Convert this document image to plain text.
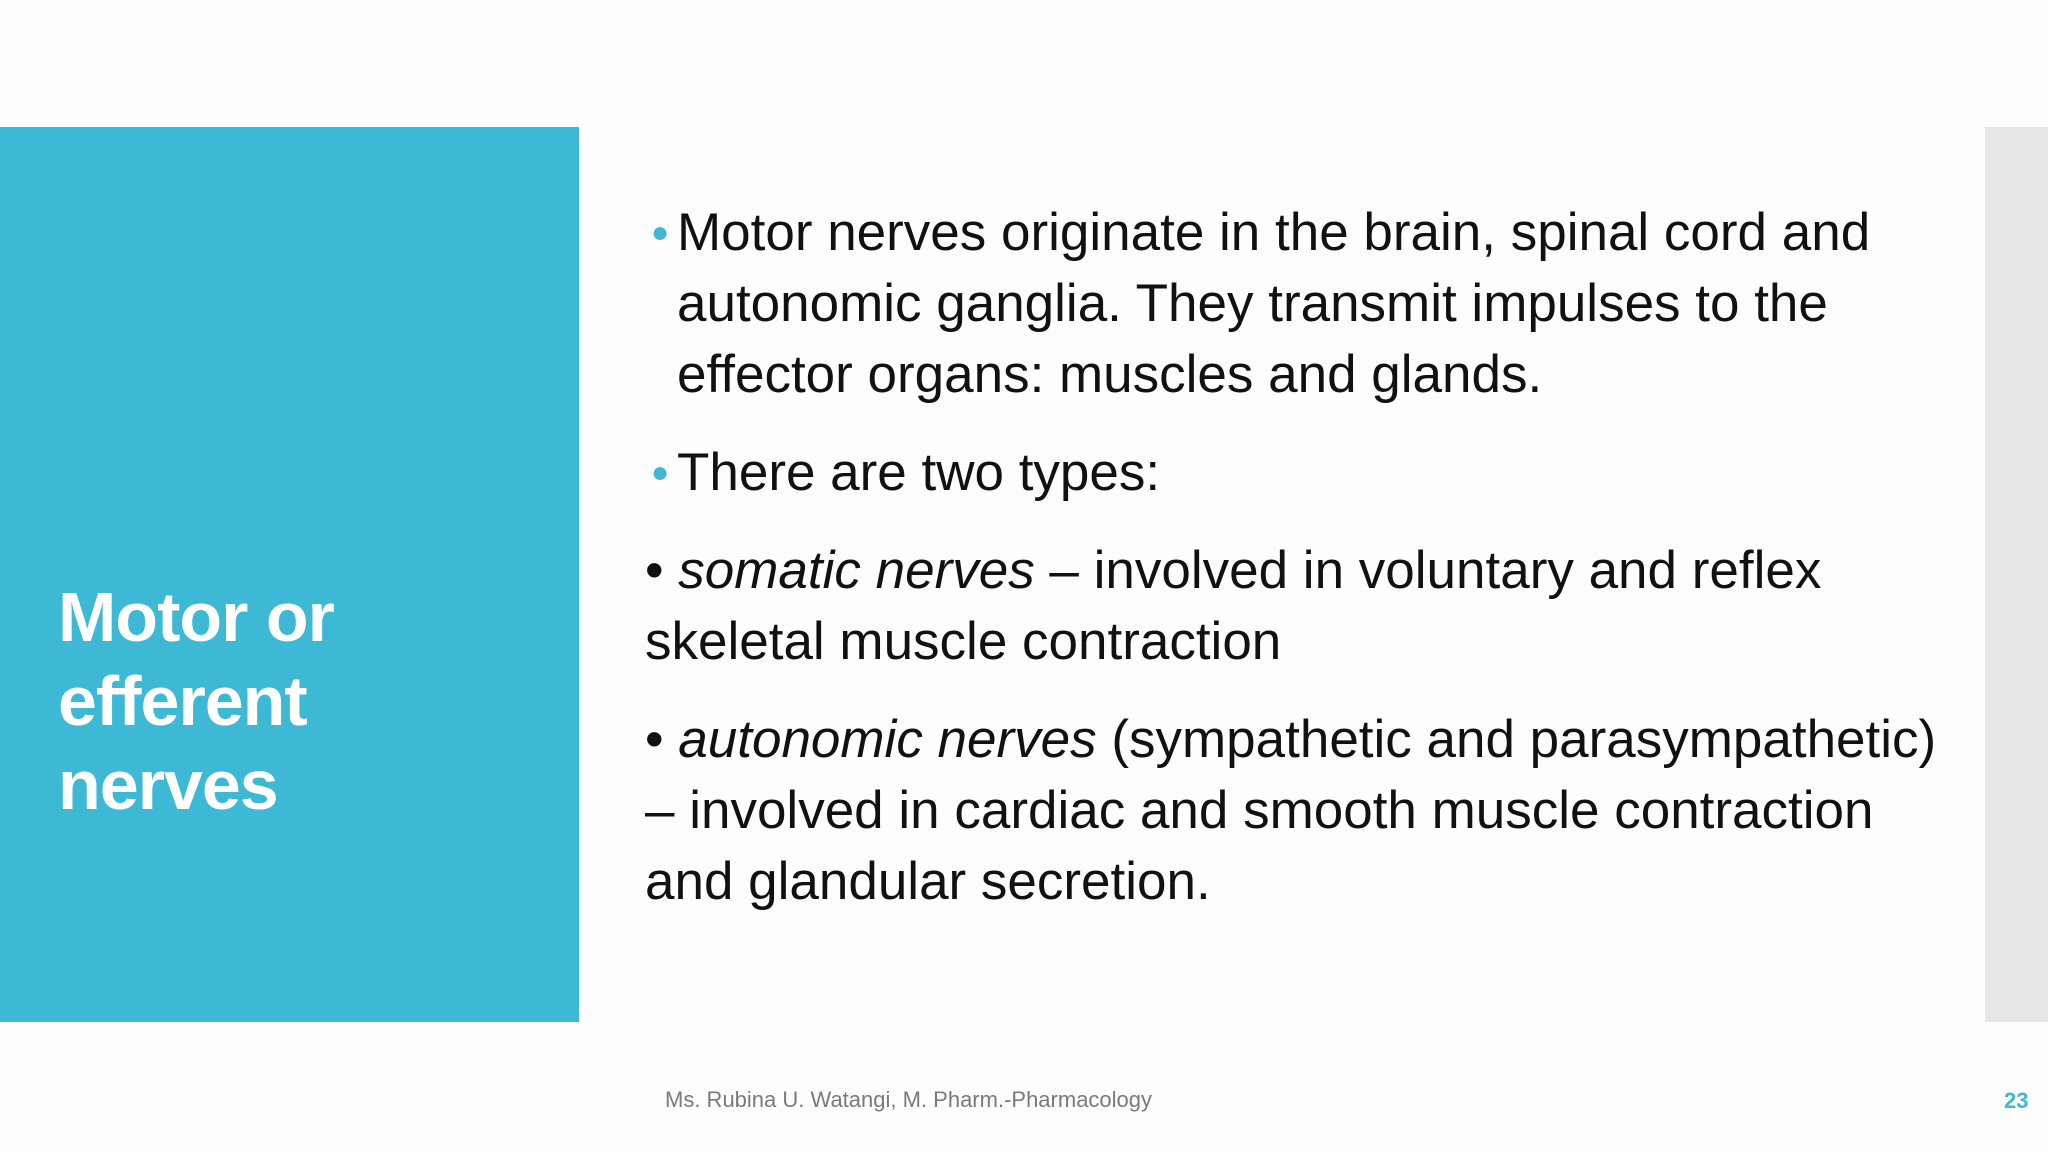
Motor or
efferent
nerves

● Motor nerves originate in the brain, spinal cord and autonomic ganglia. They transmit impulses to the effector organs: muscles and glands.

● There are two types:

• somatic nerves – involved in voluntary and reflex skeletal muscle contraction

• autonomic nerves (sympathetic and parasympathetic) – involved in cardiac and smooth muscle contraction and glandular secretion.

Ms. Rubina U. Watangi, M. Pharm.-Pharmacology	23
